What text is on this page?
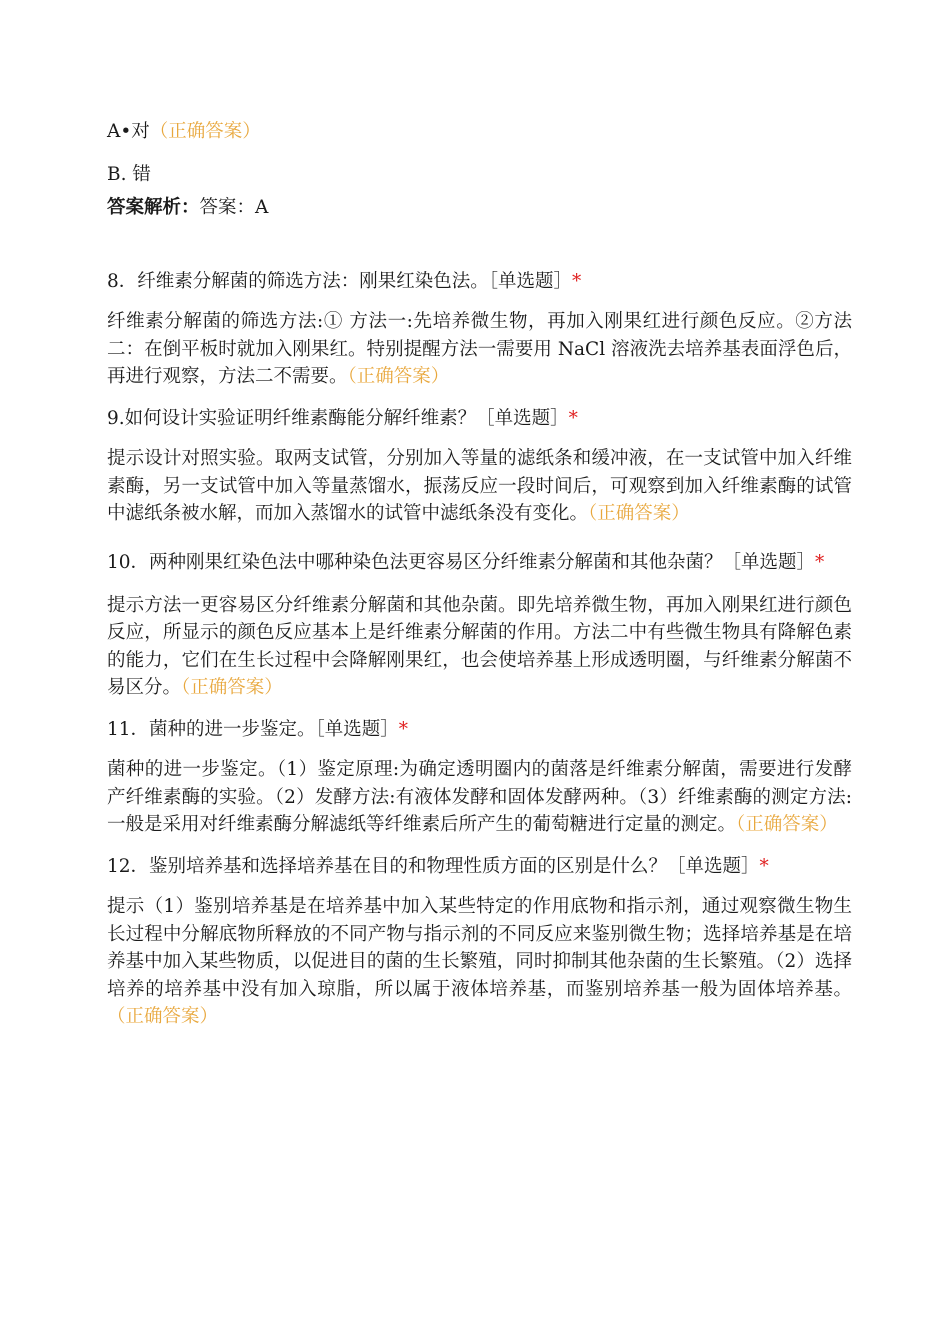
A•对（正确答案）

B. 错

答案解析：答案：A

8．纤维素分解菌的筛选方法：刚果红染色法。［单选题］*

纤维素分解菌的筛选方法:① 方法一:先培养微生物，再加入刚果红进行颜色反应。②方法二：在倒平板时就加入刚果红。特别提醒方法一需要用 NaCl 溶液洗去培养基表面浮色后，再进行观察，方法二不需要。（正确答案）

9.如何设计实验证明纤维素酶能分解纤维素？［单选题］*

提示设计对照实验。取两支试管，分别加入等量的滤纸条和缓冲液，在一支试管中加入纤维素酶，另一支试管中加入等量蒸馏水，振荡反应一段时间后，可观察到加入纤维素酶的试管中滤纸条被水解，而加入蒸馏水的试管中滤纸条没有变化。（正确答案）

10．两种刚果红染色法中哪种染色法更容易区分纤维素分解菌和其他杂菌？［单选题］*

提示方法一更容易区分纤维素分解菌和其他杂菌。即先培养微生物，再加入刚果红进行颜色反应，所显示的颜色反应基本上是纤维素分解菌的作用。方法二中有些微生物具有降解色素的能力，它们在生长过程中会降解刚果红，也会使培养基上形成透明圈，与纤维素分解菌不易区分。（正确答案）

11．菌种的进一步鉴定。［单选题］*

菌种的进一步鉴定。（1）鉴定原理:为确定透明圈内的菌落是纤维素分解菌，需要进行发酵产纤维素酶的实验。（2）发酵方法:有液体发酵和固体发酵两种。（3）纤维素酶的测定方法:一般是采用对纤维素酶分解滤纸等纤维素后所产生的葡萄糖进行定量的测定。（正确答案）

12．鉴别培养基和选择培养基在目的和物理性质方面的区别是什么？［单选题］*

提示（1）鉴别培养基是在培养基中加入某些特定的作用底物和指示剂，通过观察微生物生长过程中分解底物所释放的不同产物与指示剂的不同反应来鉴别微生物；选择培养基是在培养基中加入某些物质，以促进目的菌的生长繁殖，同时抑制其他杂菌的生长繁殖。（2）选择培养的培养基中没有加入琼脂，所以属于液体培养基，而鉴别培养基一般为固体培养基。（正确答案）
